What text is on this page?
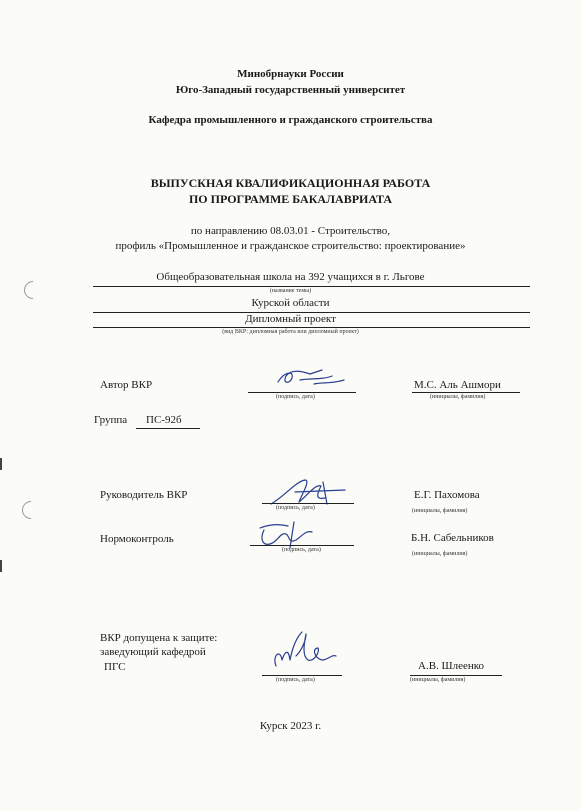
Минобрнауки России
Юго-Западный государственный университет
Кафедра промышленного и гражданского строительства
ВЫПУСКНАЯ КВАЛИФИКАЦИОННАЯ РАБОТА
ПО ПРОГРАММЕ БАКАЛАВРИАТА
по направлению 08.03.01 - Строительство,
профиль «Промышленное и гражданское строительство: проектирование»
Общеобразовательная школа на 392 учащихся в г. Льгове
(название темы)
Курской области
Дипломный проект
(вид ВКР: дипломная работа или дипломный проект)
Автор ВКР
(подпись, дата)
М.С. Аль Ашмори
(инициалы, фамилия)
Группа ПС-92б
Руководитель ВКР
(подпись, дата)
Е.Г. Пахомова
(инициалы, фамилия)
Нормоконтроль
(подпись, дата)
Б.Н. Сабельников
(инициалы, фамилия)
ВКР допущена к защите:
заведующий кафедрой
ПГС
(подпись, дата)
А.В. Шлеенко
(инициалы, фамилия)
Курск 2023 г.
